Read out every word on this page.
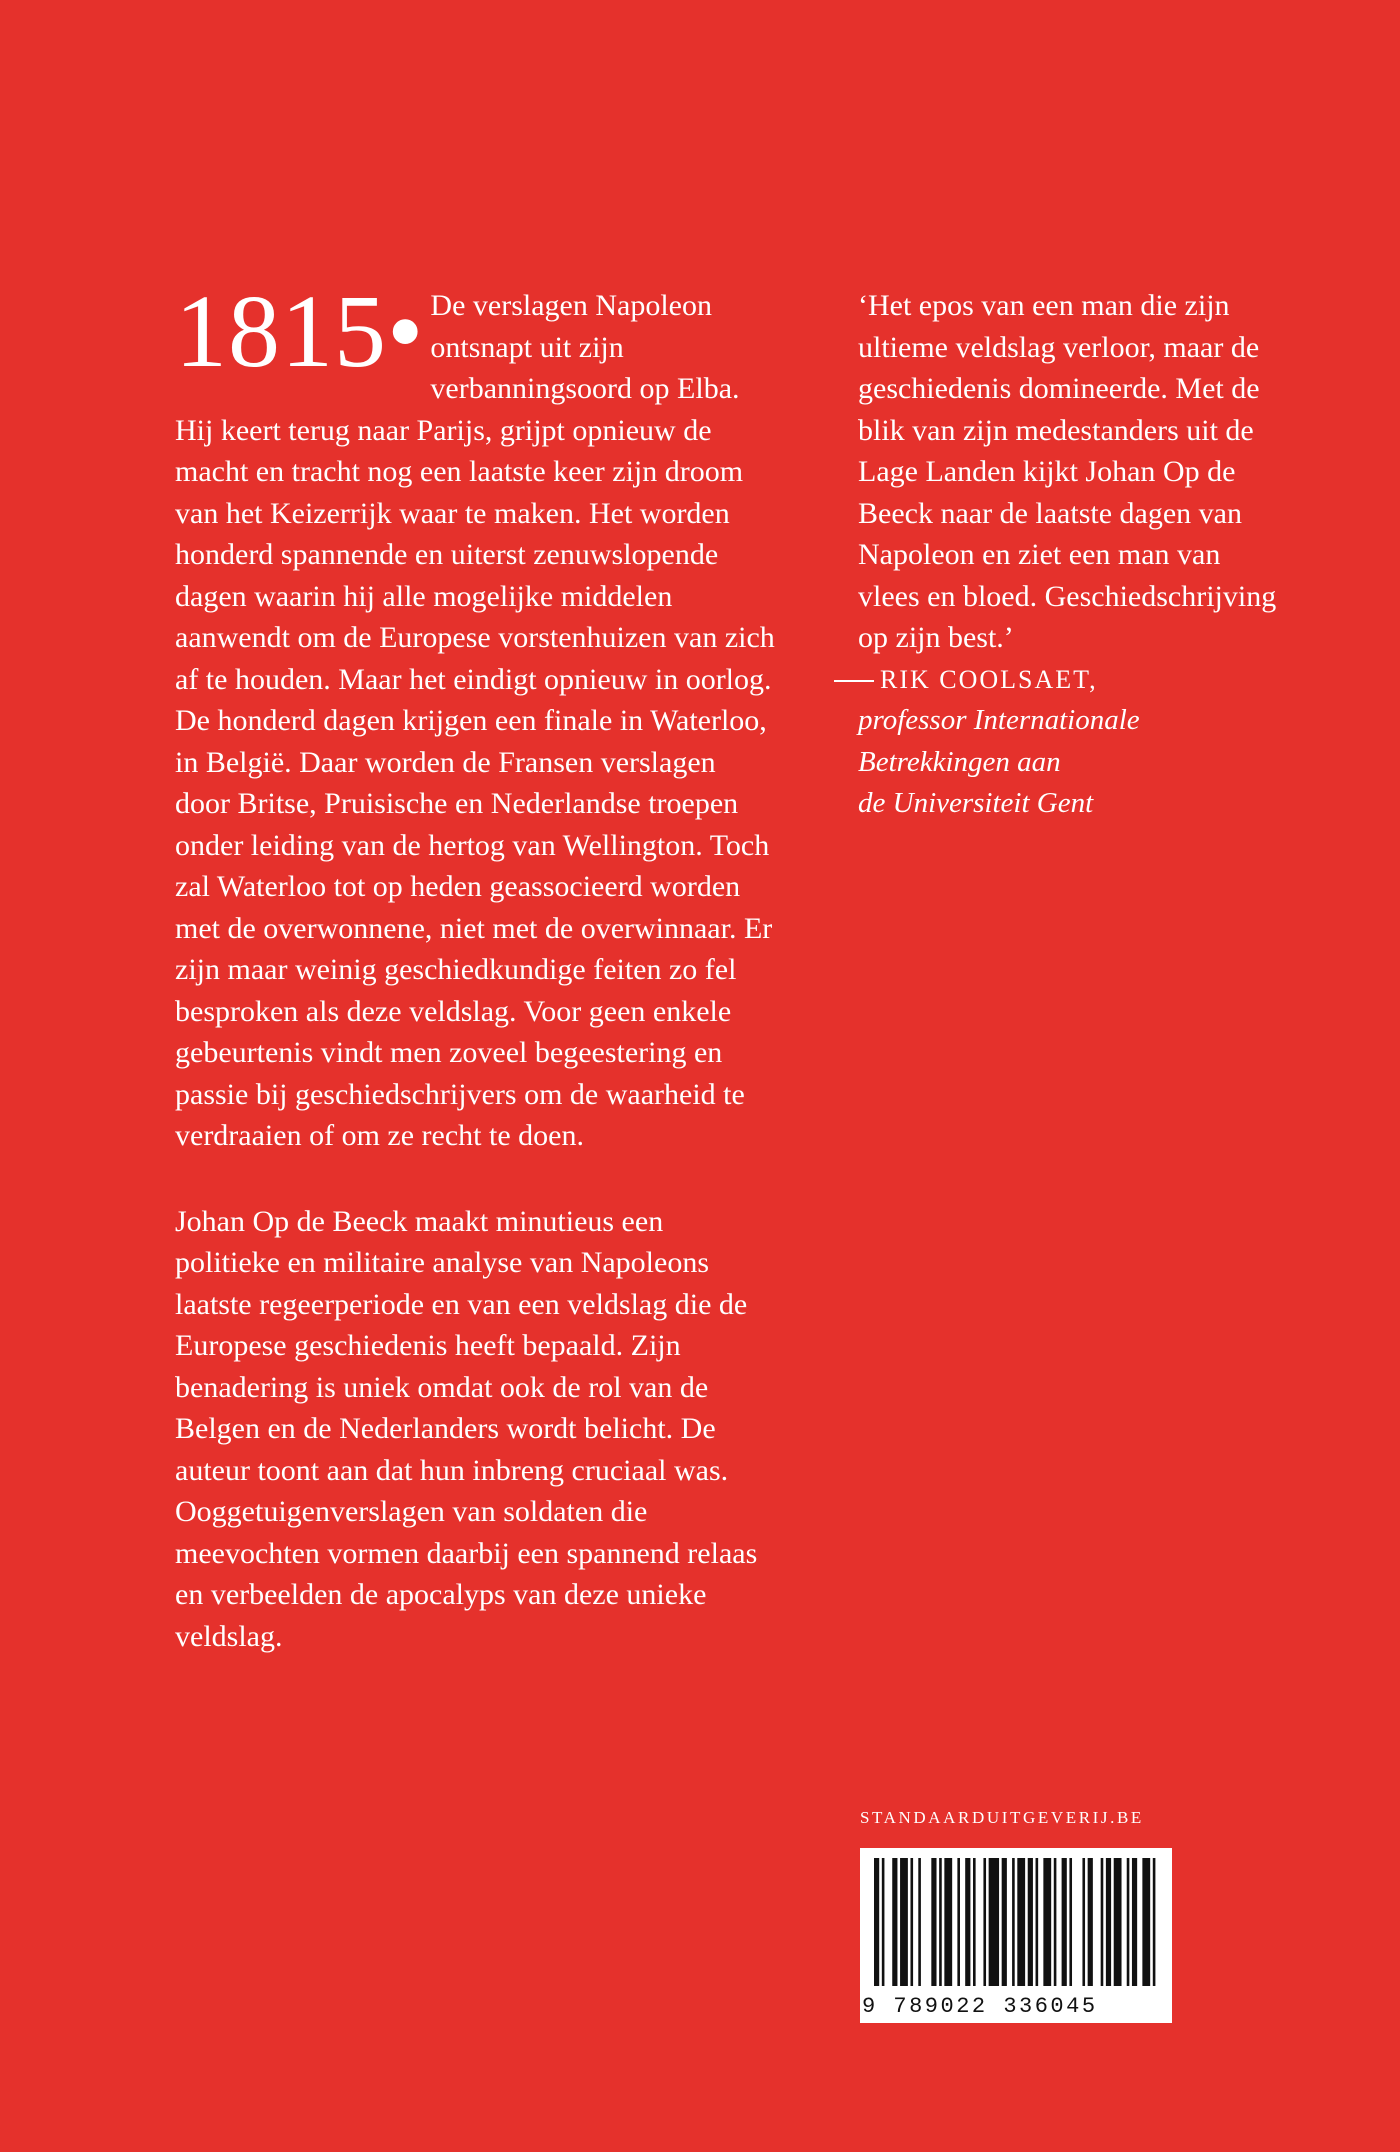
1815• De verslagen Napoleon ontsnapt uit zijn verbanningsoord op Elba. Hij keert terug naar Parijs, grijpt opnieuw de macht en tracht nog een laatste keer zijn droom van het Keizerrijk waar te maken. Het worden honderd spannende en uiterst zenuwslopende dagen waarin hij alle mogelijke middelen aanwendt om de Europese vorstenhuizen van zich af te houden. Maar het eindigt opnieuw in oorlog. De honderd dagen krijgen een finale in Waterloo, in België. Daar worden de Fransen verslagen door Britse, Pruisische en Nederlandse troepen onder leiding van de hertog van Wellington. Toch zal Waterloo tot op heden geassocieerd worden met de overwonnene, niet met de overwinnaar. Er zijn maar weinig geschiedkundige feiten zo fel besproken als deze veldslag. Voor geen enkele gebeurtenis vindt men zoveel begeestering en passie bij geschiedschrijvers om de waarheid te verdraaien of om ze recht te doen.

Johan Op de Beeck maakt minutieus een politieke en militaire analyse van Napoleons laatste regeerperiode en van een veldslag die de Europese geschiedenis heeft bepaald. Zijn benadering is uniek omdat ook de rol van de Belgen en de Nederlanders wordt belicht. De auteur toont aan dat hun inbreng cruciaal was. Ooggetuigenverslagen van soldaten die meevochten vormen daarbij een spannend relaas en verbeelden de apocalyps van deze unieke veldslag.

‘Het epos van een man die zijn ultieme veldslag verloor, maar de geschiedenis domineerde. Met de blik van zijn medestanders uit de Lage Landen kijkt Johan Op de Beeck naar de laatste dagen van Napoleon en ziet een man van vlees en bloed. Geschiedschrijving op zijn best.’

RIK COOLSAET,
professor Internationale
Betrekkingen aan
de Universiteit Gent
STANDAARDUITGEVERIJ.BE
9 789022 336045
